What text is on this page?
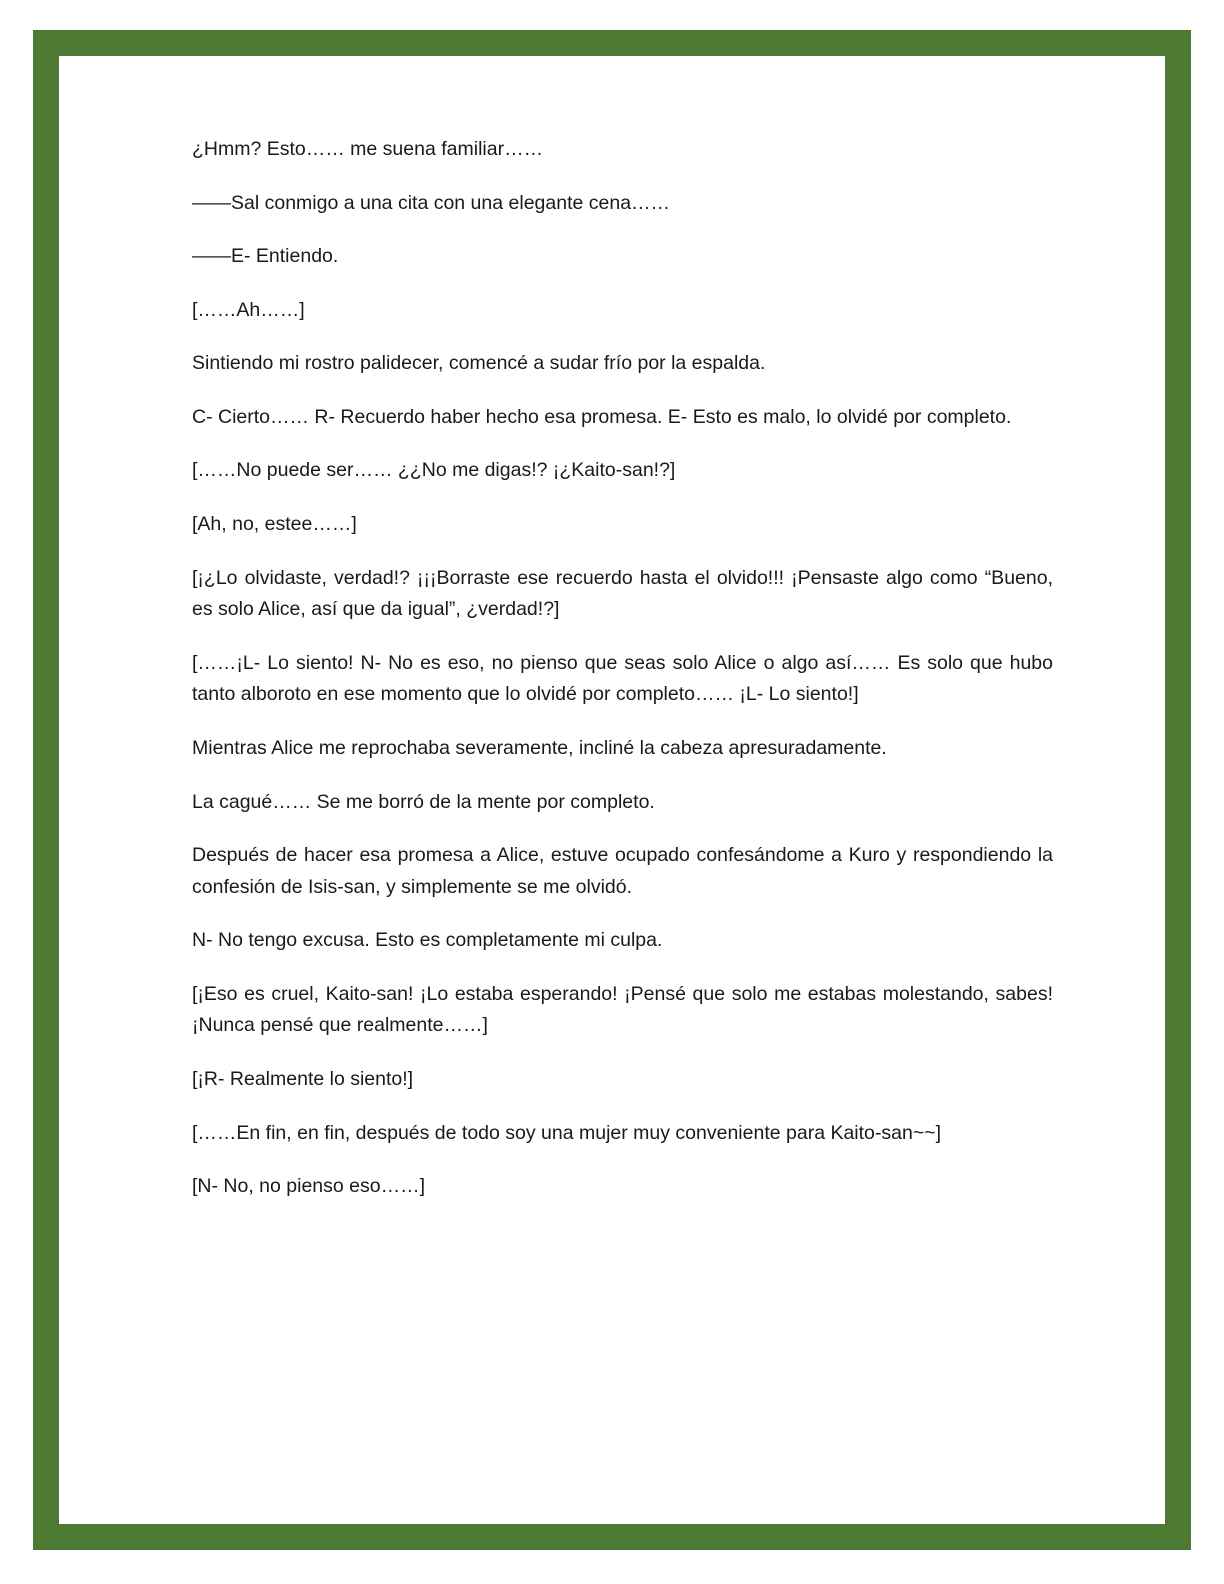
¿Hmm? Esto…… me suena familiar……

——Sal conmigo a una cita con una elegante cena……

——E- Entiendo.

[……Ah……]

Sintiendo mi rostro palidecer, comencé a sudar frío por la espalda.

C- Cierto…… R- Recuerdo haber hecho esa promesa. E- Esto es malo, lo olvidé por completo.

[……No puede ser…… ¿¿No me digas!? ¡¿Kaito-san!?]

[Ah, no, estee……]

[¡¿Lo olvidaste, verdad!? ¡¡¡Borraste ese recuerdo hasta el olvido!!! ¡Pensaste algo como “Bueno, es solo Alice, así que da igual”, ¿verdad!?]

[……¡L- Lo siento! N- No es eso, no pienso que seas solo Alice o algo así…… Es solo que hubo tanto alboroto en ese momento que lo olvidé por completo…… ¡L- Lo siento!]

Mientras Alice me reprochaba severamente, incliné la cabeza apresuradamente.

La cagué…… Se me borró de la mente por completo.

Después de hacer esa promesa a Alice, estuve ocupado confesándome a Kuro y respondiendo la confesión de Isis-san, y simplemente se me olvidó.

N- No tengo excusa. Esto es completamente mi culpa.

[¡Eso es cruel, Kaito-san! ¡Lo estaba esperando! ¡Pensé que solo me estabas molestando, sabes! ¡Nunca pensé que realmente……]

[¡R- Realmente lo siento!]

[……En fin, en fin, después de todo soy una mujer muy conveniente para Kaito-san~~]

[N- No, no pienso eso……]
